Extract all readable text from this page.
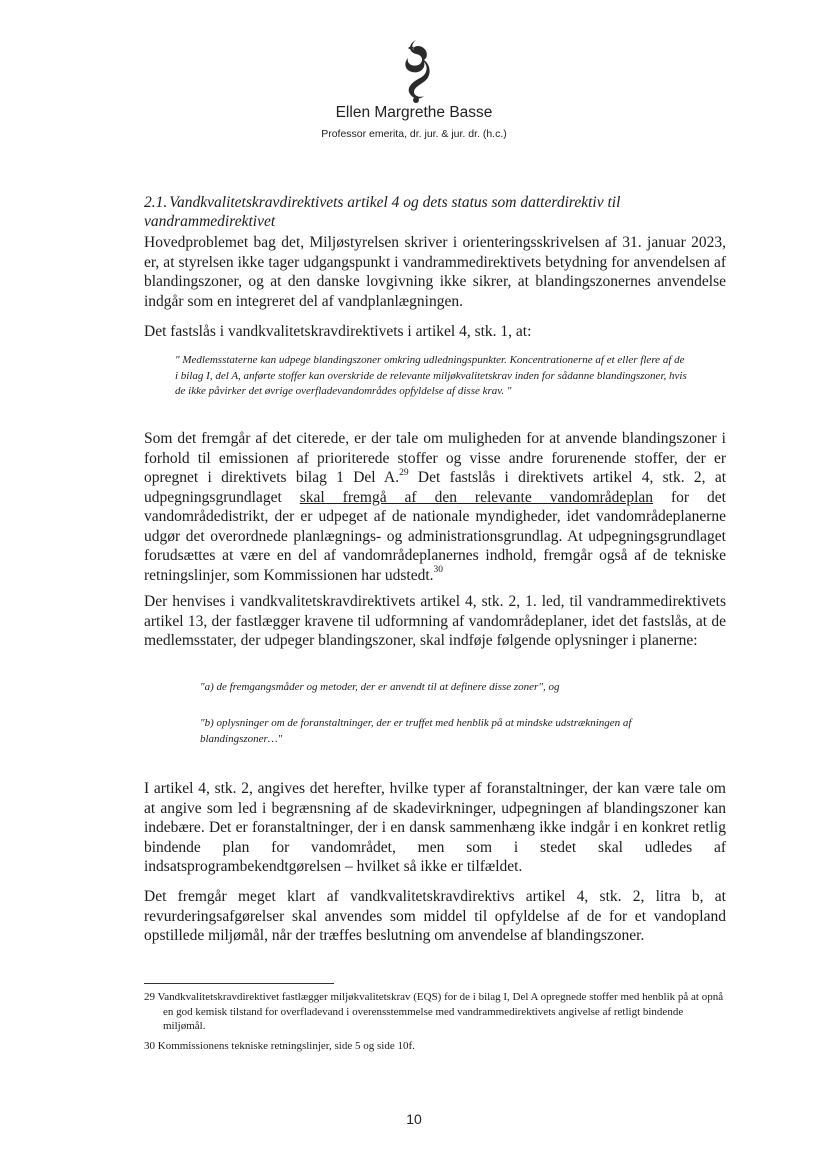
Ellen Margrethe Basse
Professor emerita, dr. jur. & jur. dr. (h.c.)
2.1. Vandkvalitetskravdirektivets artikel 4 og dets status som datterdirektiv til vandrammedirektivet
Hovedproblemet bag det, Miljøstyrelsen skriver i orienteringsskrivelsen af 31. januar 2023, er, at styrelsen ikke tager udgangspunkt i vandrammedirektivets betydning for anvendelsen af blandingszoner, og at den danske lovgivning ikke sikrer, at blandingszonernes anvendelse indgår som en integreret del af vandplanlægningen.
Det fastslås i vandkvalitetskravdirektivets i artikel 4, stk. 1, at:
" Medlemsstaterne kan udpege blandingszoner omkring udledningspunkter. Koncentrationerne af et eller flere af de i bilag I, del A, anførte stoffer kan overskride de relevante miljøkvalitetskrav inden for sådanne blandingszoner, hvis de ikke påvirker det øvrige overfladevandområdes opfyldelse af disse krav. "
Som det fremgår af det citerede, er der tale om muligheden for at anvende blandingszoner i forhold til emissionen af prioriterede stoffer og visse andre forurenende stoffer, der er opregnet i direktivets bilag 1 Del A.$^{29}$ Det fastslås i direktivets artikel 4, stk. 2, at udpegningsgrundlaget skal fremgå af den relevante vandområdeplan for det vandområdedistrikt, der er udpeget af de nationale myndigheder, idet vandområdeplanerne udgør det overordnede planlægnings- og administrationsgrundlag. At udpegningsgrundlaget forudsættes at være en del af vandområdeplanernes indhold, fremgår også af de tekniske retningslinjer, som Kommissionen har udstedt.$^{30}$
Der henvises i vandkvalitetskravdirektivets artikel 4, stk. 2, 1. led, til vandrammedirektivets artikel 13, der fastlægger kravene til udformning af vandområdeplaner, idet det fastslås, at de medlemsstater, der udpeger blandingszoner, skal indføje følgende oplysninger i planerne:
"a) de fremgangsmåder og metoder, der er anvendt til at definere disse zoner", og
"b) oplysninger om de foranstaltninger, der er truffet med henblik på at mindske udstrækningen af blandingszoner…"
I artikel 4, stk. 2, angives det herefter, hvilke typer af foranstaltninger, der kan være tale om at angive som led i begrænsning af de skadevirkninger, udpegningen af blandingszoner kan indebære. Det er foranstaltninger, der i en dansk sammenhæng ikke indgår i en konkret retlig bindende plan for vandområdet, men som i stedet skal udledes af indsatsprogrambekendtgørelsen – hvilket så ikke er tilfældet.
Det fremgår meget klart af vandkvalitetskravdirektivs artikel 4, stk. 2, litra b, at revurderingsafgørelser skal anvendes som middel til opfyldelse af de for et vandopland opstillede miljømål, når der træffes beslutning om anvendelse af blandingszoner.
29 Vandkvalitetskravdirektivet fastlægger miljøkvalitetskrav (EQS) for de i bilag I, Del A opregnede stoffer med henblik på at opnå en god kemisk tilstand for overfladevand i overensstemmelse med vandrammedirektivets angivelse af retligt bindende miljømål.
30 Kommissionens tekniske retningslinjer, side 5 og side 10f.
10
